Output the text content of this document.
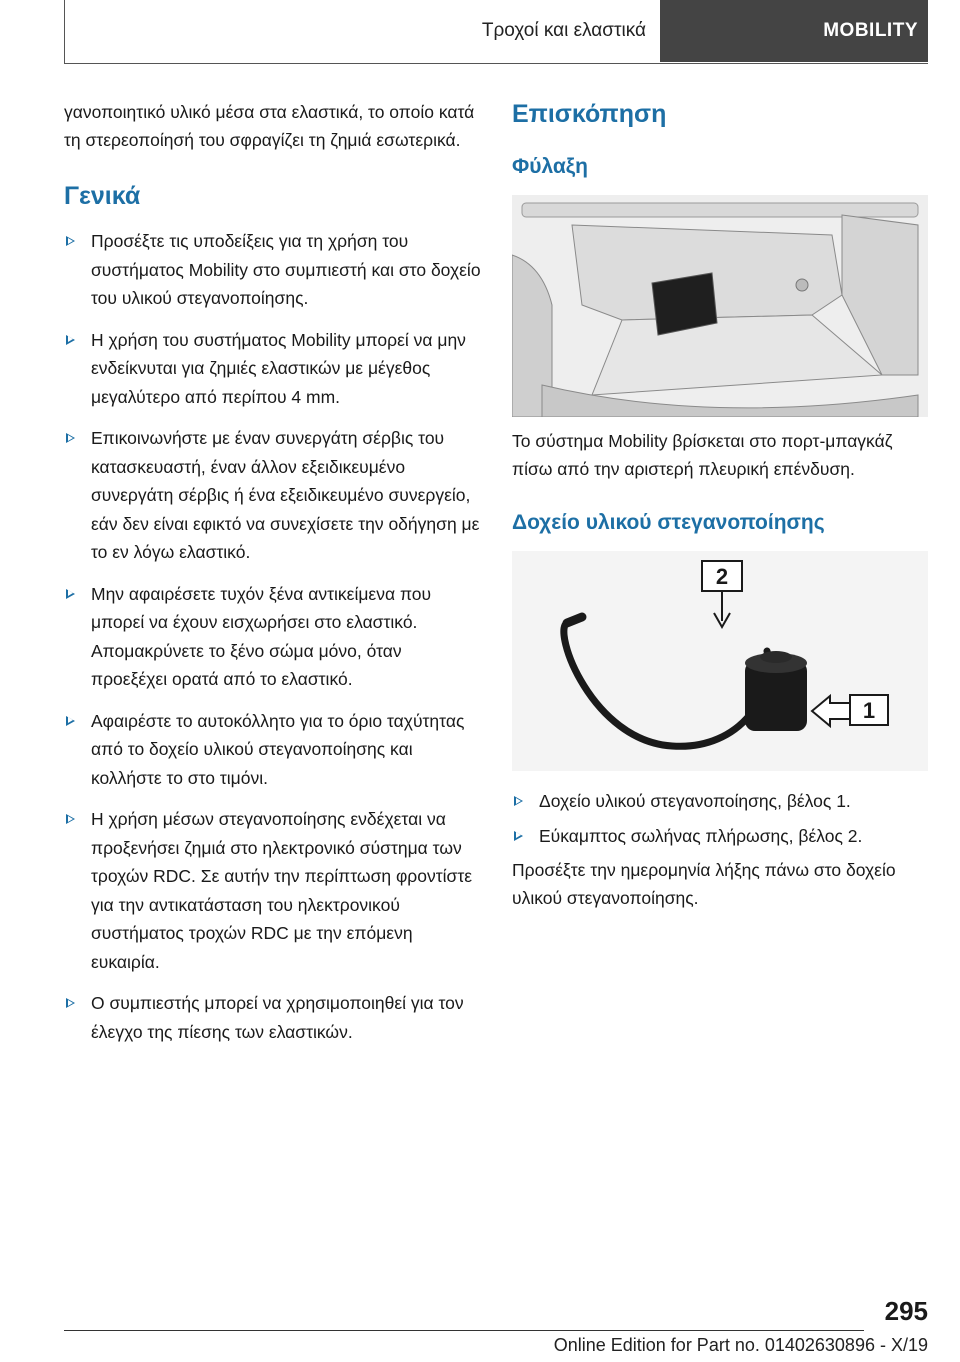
Τροχοί και ελαστικά	MOBILITY

γανοποιητικό υλικό μέσα στα ελαστικά, το οποίο κατά τη στερεοποίησή του σφραγίζει τη ζημιά εσωτερικά.

Γενικά
Προσέξτε τις υποδείξεις για τη χρήση του συστήματος Mobility στο συμπιεστή και στο δοχείο του υλικού στεγανοποίησης.
Η χρήση του συστήματος Mobility μπορεί να μην ενδείκνυται για ζημιές ελαστικών με μέγεθος μεγαλύτερο από περίπου 4 mm.
Επικοινωνήστε με έναν συνεργάτη σέρβις του κατασκευαστή, έναν άλλον εξειδικευμένο συνεργάτη σέρβις ή ένα εξειδικευμένο συνεργείο, εάν δεν είναι εφικτό να συνεχίσετε την οδήγηση με το εν λόγω ελαστικό.
Μην αφαιρέσετε τυχόν ξένα αντικείμενα που μπορεί να έχουν εισχωρήσει στο ελαστικό. Απομακρύνετε το ξένο σώμα μόνο, όταν προεξέχει ορατά από το ελαστικό.
Αφαιρέστε το αυτοκόλλητο για το όριο ταχύτητας από το δοχείο υλικού στεγανοποίησης και κολλήστε το στο τιμόνι.
Η χρήση μέσων στεγανοποίησης ενδέχεται να προξενήσει ζημιά στο ηλεκτρονικό σύστημα των τροχών RDC. Σε αυτήν την περίπτωση φροντίστε για την αντικατάσταση του ηλεκτρονικού συστήματος τροχών RDC με την επόμενη ευκαιρία.
Ο συμπιεστής μπορεί να χρησιμοποιηθεί για τον έλεγχο της πίεσης των ελαστικών.
Επισκόπηση
Φύλαξη

Το σύστημα Mobility βρίσκεται στο πορτ-μπαγκάζ πίσω από την αριστερή πλευρική επένδυση.

Δοχείο υλικού στεγανοποίησης
2
1
Δοχείο υλικού στεγανοποίησης, βέλος 1.
Εύκαμπτος σωλήνας πλήρωσης, βέλος 2.

Προσέξτε την ημερομηνία λήξης πάνω στο δοχείο υλικού στεγανοποίησης.

295
Online Edition for Part no. 01402630896 - X/19
